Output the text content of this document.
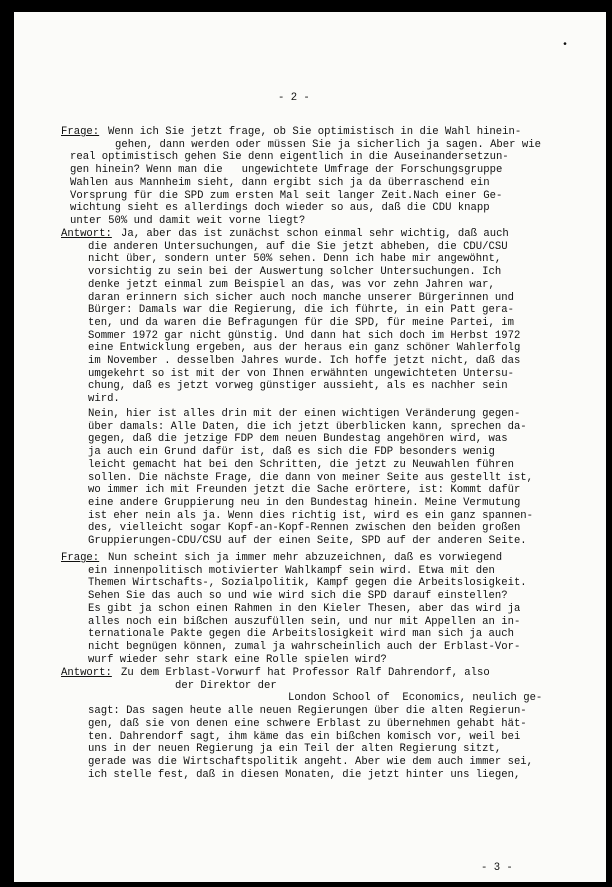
•
- 2 -
Frage: Wenn ich Sie jetzt frage, ob Sie optimistisch in die Wahl hinein-
gehen, dann werden oder müssen Sie ja sicherlich ja sagen. Aber wie
real optimistisch gehen Sie denn eigentlich in die Auseinandersetzun-
gen hinein? Wenn man die   ungewichtete Umfrage der Forschungsgruppe
Wahlen aus Mannheim sieht, dann ergibt sich ja da überraschend ein
Vorsprung für die SPD zum ersten Mal seit langer Zeit.Nach einer Ge-
wichtung sieht es allerdings doch wieder so aus, daß die CDU knapp
unter 50% und damit weit vorne liegt?
Antwort: Ja, aber das ist zunächst schon einmal sehr wichtig, daß auch
die anderen Untersuchungen, auf die Sie jetzt abheben, die CDU/CSU
nicht über, sondern unter 50% sehen. Denn ich habe mir angewöhnt,
vorsichtig zu sein bei der Auswertung solcher Untersuchungen. Ich
denke jetzt einmal zum Beispiel an das, was vor zehn Jahren war,
daran erinnern sich sicher auch noch manche unserer Bürgerinnen und
Bürger: Damals war die Regierung, die ich führte, in ein Patt gera-
ten, und da waren die Befragungen für die SPD, für meine Partei, im
Sommer 1972 gar nicht günstig. Und dann hat sich doch im Herbst 1972
eine Entwicklung ergeben, aus der heraus ein ganz schöner Wahlerfolg
im November . desselben Jahres wurde. Ich hoffe jetzt nicht, daß das
umgekehrt so ist mit der von Ihnen erwähnten ungewichteten Untersu-
chung, daß es jetzt vorweg günstiger aussieht, als es nachher sein
wird.
Nein, hier ist alles drin mit der einen wichtigen Veränderung gegen-
über damals: Alle Daten, die ich jetzt überblicken kann, sprechen da-
gegen, daß die jetzige FDP dem neuen Bundestag angehören wird, was
ja auch ein Grund dafür ist, daß es sich die FDP besonders wenig
leicht gemacht hat bei den Schritten, die jetzt zu Neuwahlen führen
sollen. Die nächste Frage, die dann von meiner Seite aus gestellt ist,
wo immer ich mit Freunden jetzt die Sache erörtere, ist: Kommt dafür
eine andere Gruppierung neu in den Bundestag hinein. Meine Vermutung
ist eher nein als ja. Wenn dies richtig ist, wird es ein ganz spannen-
des, vielleicht sogar Kopf-an-Kopf-Rennen zwischen den beiden großen
Gruppierungen-CDU/CSU auf der einen Seite, SPD auf der anderen Seite.
Frage: Nun scheint sich ja immer mehr abzuzeichnen, daß es vorwiegend
ein innenpolitisch motivierter Wahlkampf sein wird. Etwa mit den
Themen Wirtschafts-, Sozialpolitik, Kampf gegen die Arbeitslosigkeit.
Sehen Sie das auch so und wie wird sich die SPD darauf einstellen?
Es gibt ja schon einen Rahmen in den Kieler Thesen, aber das wird ja
alles noch ein bißchen auszufüllen sein, und nur mit Appellen an in-
ternationale Pakte gegen die Arbeitslosigkeit wird man sich ja auch
nicht begnügen können, zumal ja wahrscheinlich auch der Erblast-Vor-
wurf wieder sehr stark eine Rolle spielen wird?
Antwort: Zu dem Erblast-Vorwurf hat Professor Ralf Dahrendorf, also
der Direktor der
London School of  Economics, neulich ge-
sagt: Das sagen heute alle neuen Regierungen über die alten Regierun-
gen, daß sie von denen eine schwere Erblast zu übernehmen gehabt hät-
ten. Dahrendorf sagt, ihm käme das ein bißchen komisch vor, weil bei
uns in der neuen Regierung ja ein Teil der alten Regierung sitzt,
gerade was die Wirtschaftspolitik angeht. Aber wie dem auch immer sei,
ich stelle fest, daß in diesen Monaten, die jetzt hinter uns liegen,
- 3 -
